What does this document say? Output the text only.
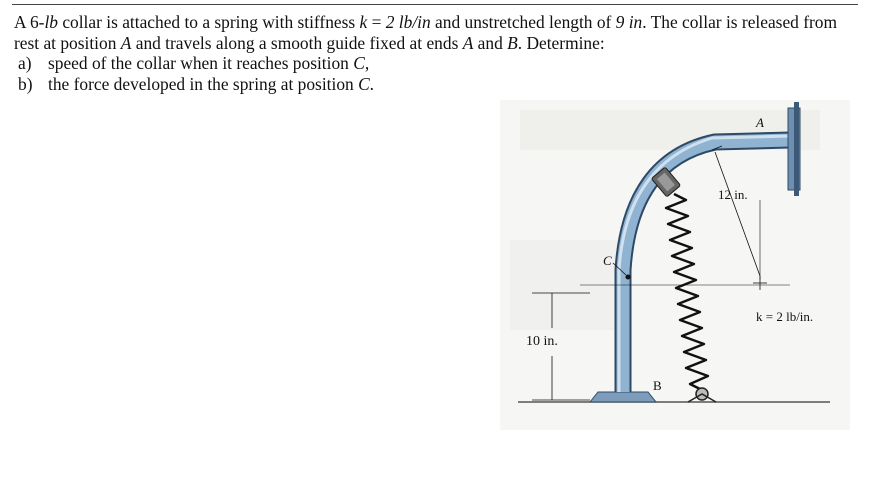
A 6-lb collar is attached to a spring with stiffness k = 2 lb/in and unstretched length of 9 in. The collar is released from rest at position A and travels along a smooth guide fixed at ends A and B. Determine:

a) speed of the collar when it reaches position C,
b) the force developed in the spring at position C.
12 in.
C
10 in.
A
B
k = 2 lb/in.
